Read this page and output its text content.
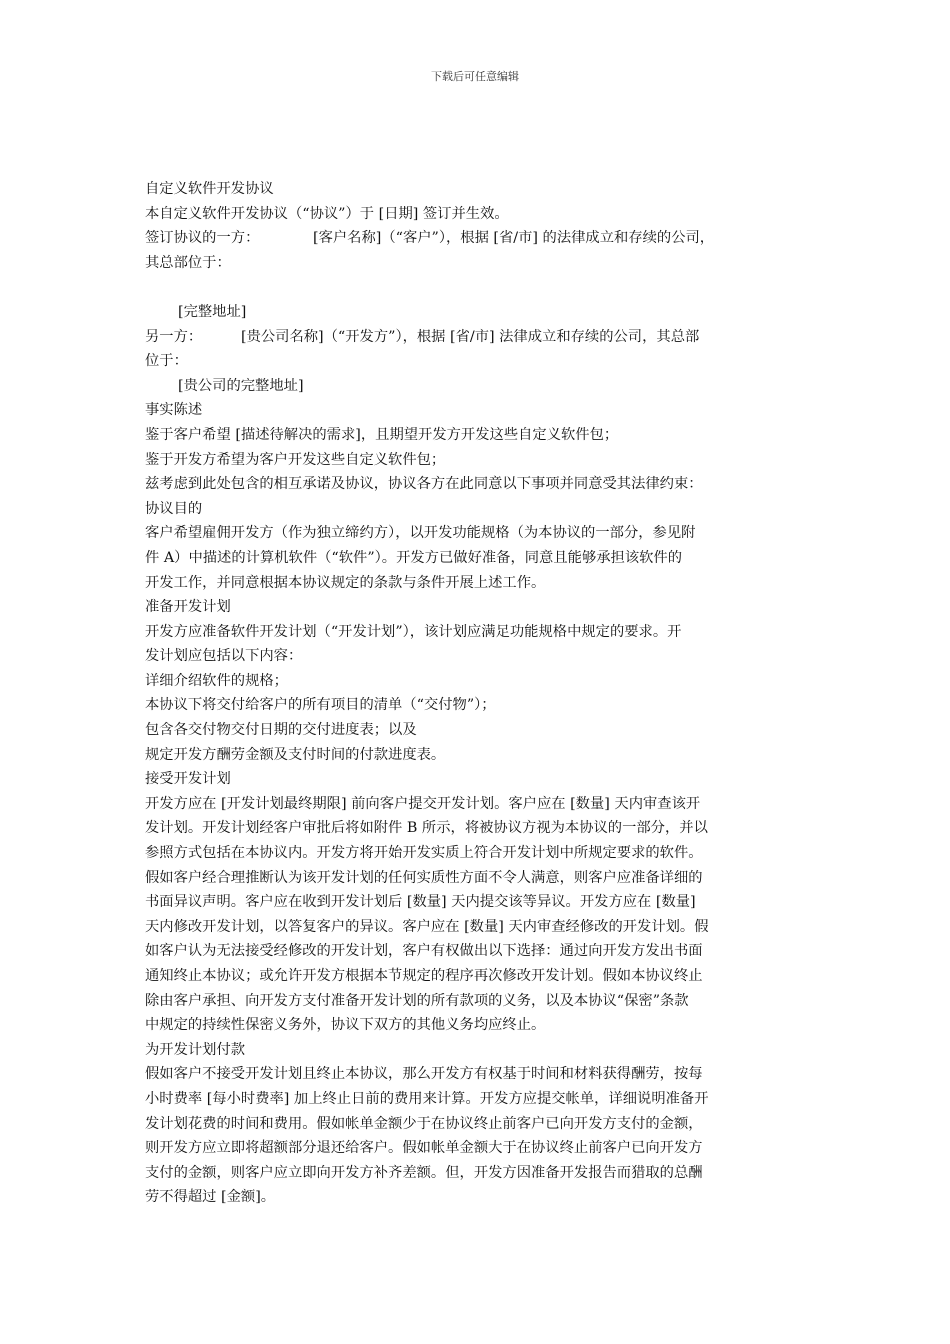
下载后可任意编辑
自定义软件开发协议
本自定义软件开发协议（“协议”）于 [日期] 签订并生效。
签订协议的一方：	[客户名称]（“客户”），根据 [省/市] 的法律成立和存续的公司，
其总部位于：
[完整地址]
另一方：	[贵公司名称]（“开发方”），根据 [省/市] 法律成立和存续的公司，其总部
位于：
[贵公司的完整地址]
事实陈述
鉴于客户希望 [描述待解决的需求]，且期望开发方开发这些自定义软件包；
鉴于开发方希望为客户开发这些自定义软件包；
兹考虑到此处包含的相互承诺及协议，协议各方在此同意以下事项并同意受其法律约束：
协议目的
客户希望雇佣开发方（作为独立缔约方），以开发功能规格（为本协议的一部分，参见附
件 A）中描述的计算机软件（“软件”）。开发方已做好准备，同意且能够承担该软件的
开发工作，并同意根据本协议规定的条款与条件开展上述工作。
准备开发计划
开发方应准备软件开发计划（“开发计划”），该计划应满足功能规格中规定的要求。开
发计划应包括以下内容：
详细介绍软件的规格；
本协议下将交付给客户的所有项目的清单（“交付物”）；
包含各交付物交付日期的交付进度表；以及
规定开发方酬劳金额及支付时间的付款进度表。
接受开发计划
开发方应在 [开发计划最终期限] 前向客户提交开发计划。客户应在 [数量] 天内审查该开
发计划。开发计划经客户审批后将如附件 B 所示，将被协议方视为本协议的一部分，并以
参照方式包括在本协议内。开发方将开始开发实质上符合开发计划中所规定要求的软件。
假如客户经合理推断认为该开发计划的任何实质性方面不令人满意，则客户应准备详细的
书面异议声明。客户应在收到开发计划后 [数量] 天内提交该等异议。开发方应在 [数量]
天内修改开发计划，以答复客户的异议。客户应在 [数量] 天内审查经修改的开发计划。假
如客户认为无法接受经修改的开发计划，客户有权做出以下选择：通过向开发方发出书面
通知终止本协议；或允许开发方根据本节规定的程序再次修改开发计划。假如本协议终止
除由客户承担、向开发方支付准备开发计划的所有款项的义务，以及本协议“保密”条款
中规定的持续性保密义务外，协议下双方的其他义务均应终止。
为开发计划付款
假如客户不接受开发计划且终止本协议，那么开发方有权基于时间和材料获得酬劳，按每
小时费率 [每小时费率] 加上终止日前的费用来计算。开发方应提交帐单，详细说明准备开
发计划花费的时间和费用。假如帐单金额少于在协议终止前客户已向开发方支付的金额，
则开发方应立即将超额部分退还给客户。假如帐单金额大于在协议终止前客户已向开发方
支付的金额，则客户应立即向开发方补齐差额。但，开发方因准备开发报告而猎取的总酬
劳不得超过 [金额]。
